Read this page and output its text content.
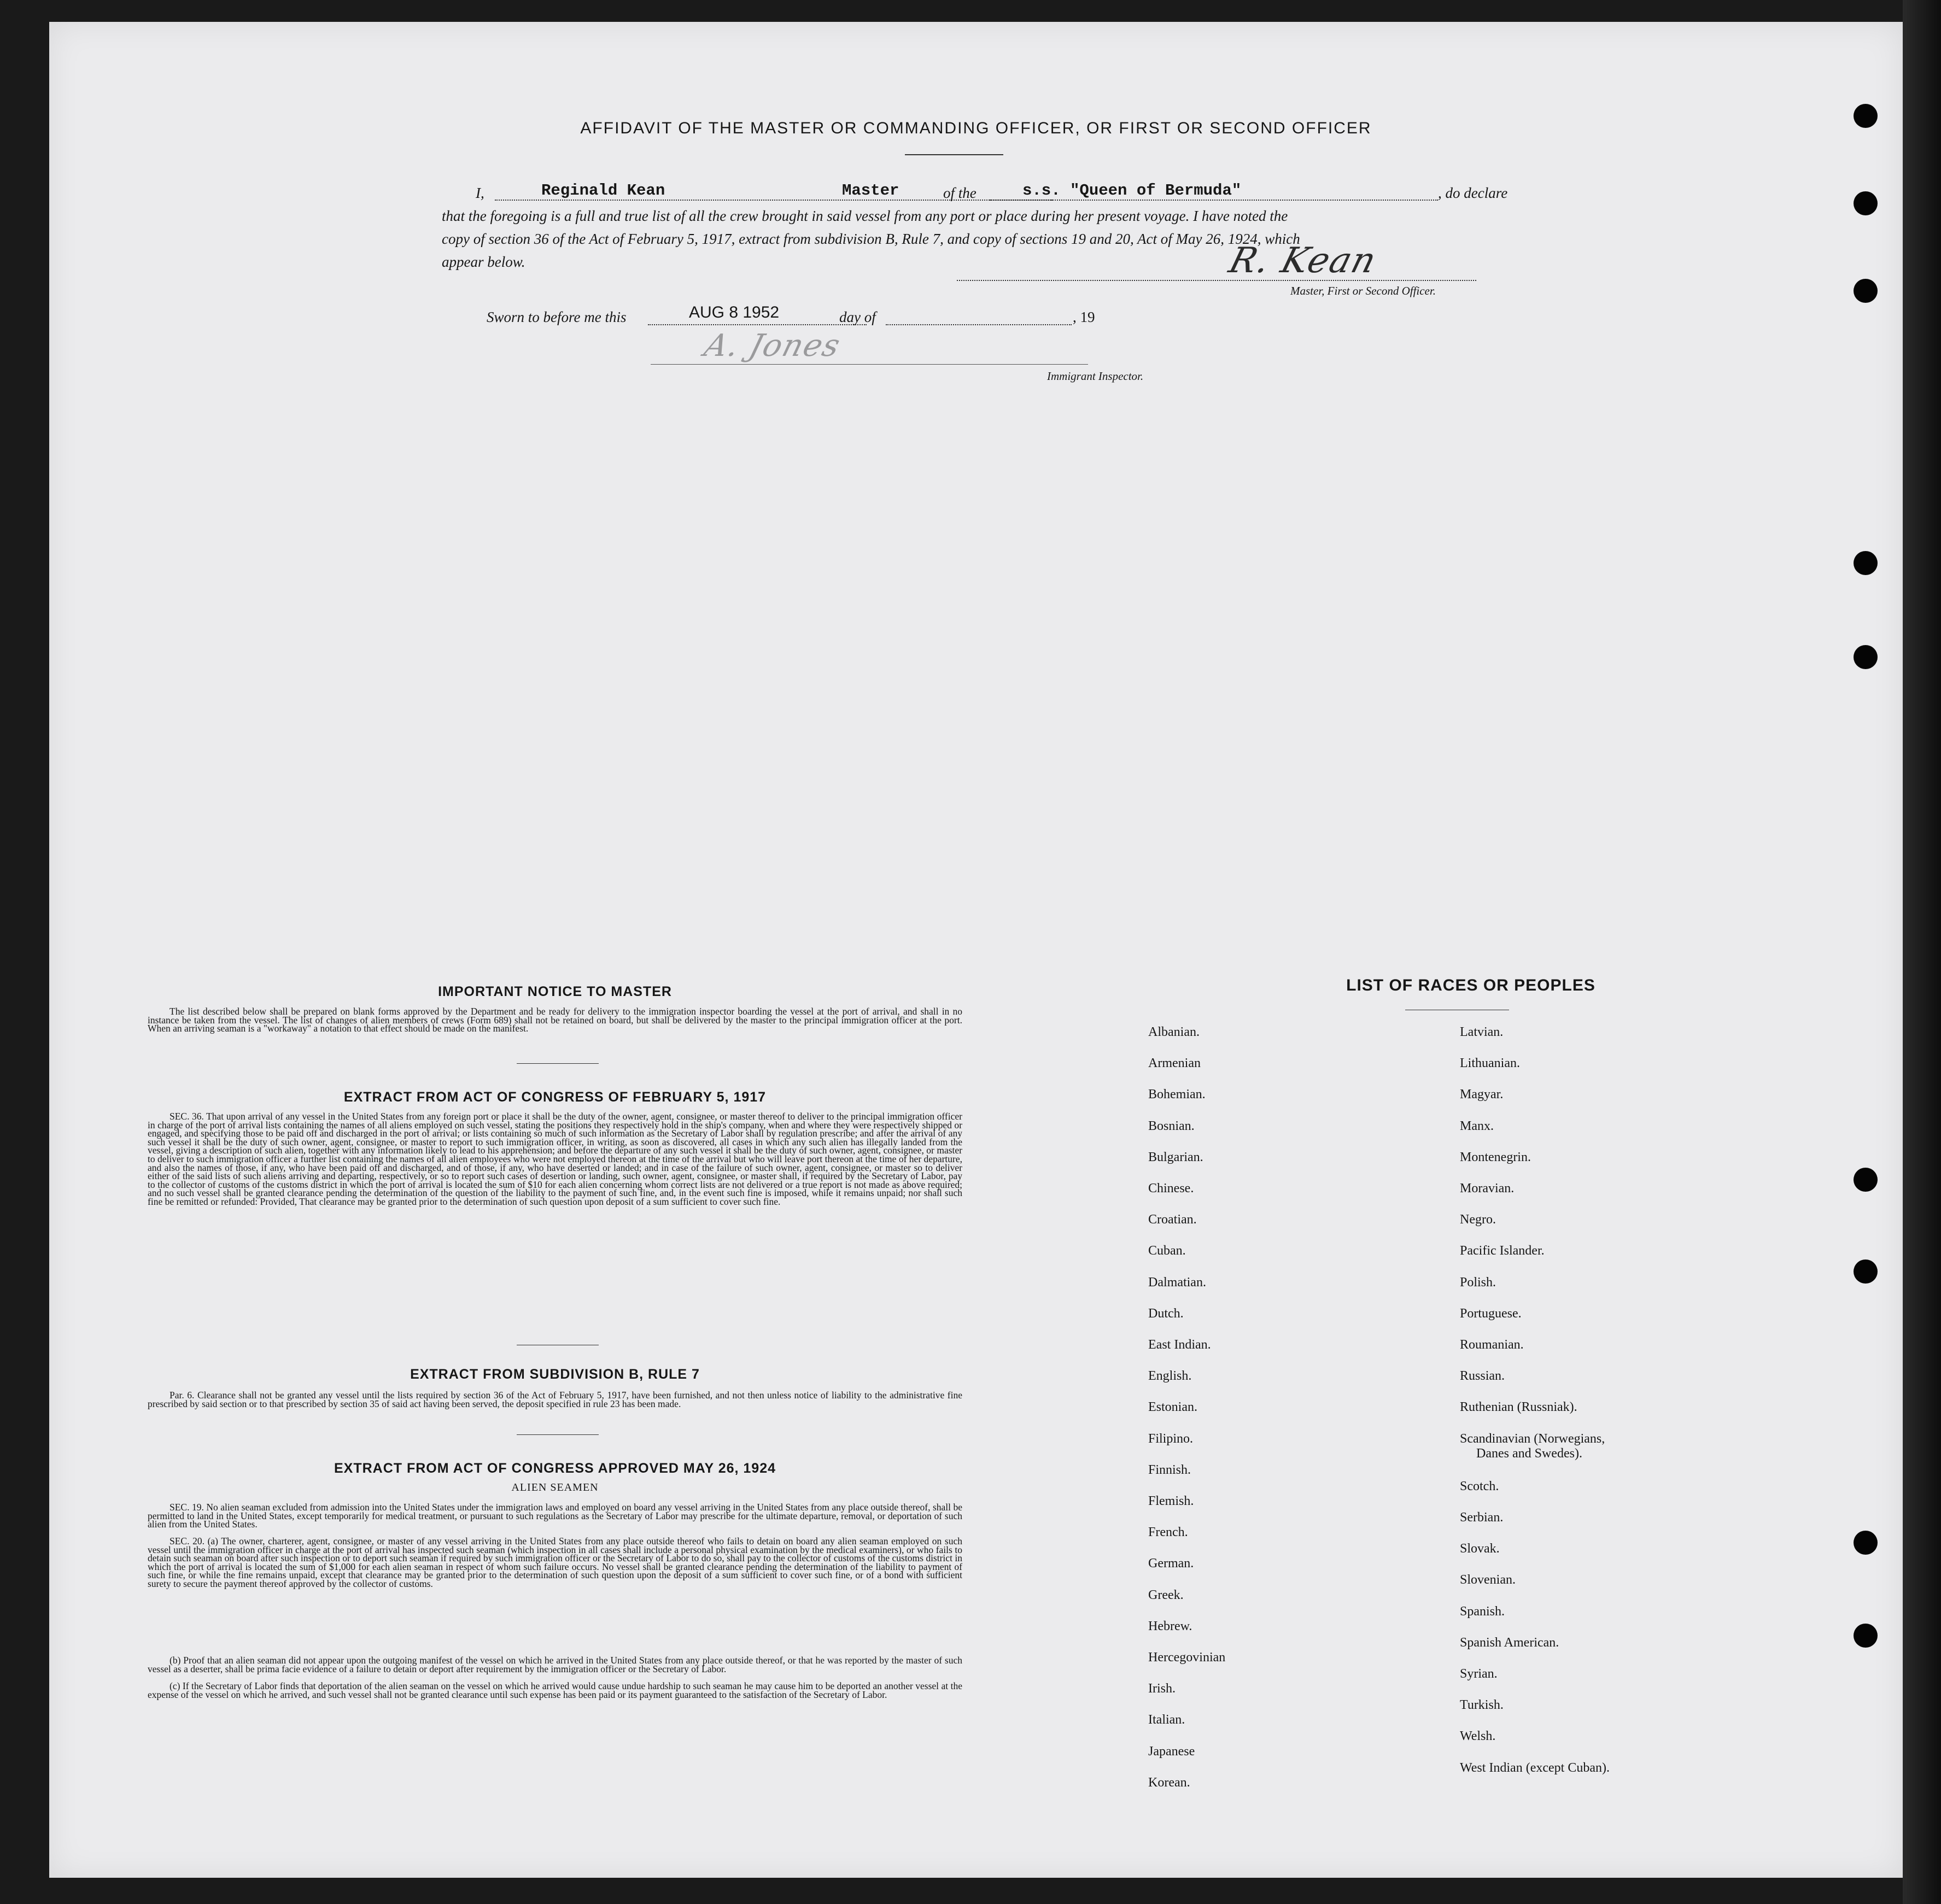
AFFIDAVIT OF THE MASTER OR COMMANDING OFFICER, OR FIRST OR SECOND OFFICER
I,	Reginald Kean	Master	of the	s.s. "Queen of Bermuda"	, do declare
that the foregoing is a full and true list of all the crew brought in said vessel from any port or place during her present voyage. I have noted the
copy of section 36 of the Act of February 5, 1917, extract from subdivision B, Rule 7, and copy of sections 19 and 20, Act of May 26, 1924, which
appear below.	R. Kean
Master, First or Second Officer.
Sworn to before me this	AUG 8 1952	day of	, 19
A. Jones
Immigrant Inspector.
IMPORTANT NOTICE TO MASTER
The list described below shall be prepared on blank forms approved by the Department and be ready for delivery to the immigration inspector boarding the vessel at the port of arrival, and shall in no instance be taken from the vessel. The list of changes of alien members of crews (Form 689) shall not be retained on board, but shall be delivered by the master to the principal immigration officer at the port. When an arriving seaman is a "workaway" a notation to that effect should be made on the manifest.
EXTRACT FROM ACT OF CONGRESS OF FEBRUARY 5, 1917
SEC. 36. That upon arrival of any vessel in the United States from any foreign port or place it shall be the duty of the owner, agent, consignee, or master thereof to deliver to the principal immigration officer in charge of the port of arrival lists containing the names of all aliens employed on such vessel, stating the positions they respectively hold in the ship's company, when and where they were respectively shipped or engaged, and specifying those to be paid off and discharged in the port of arrival; or lists containing so much of such information as the Secretary of Labor shall by regulation prescribe; and after the arrival of any such vessel it shall be the duty of such owner, agent, consignee, or master to report to such immigration officer, in writing, as soon as discovered, all cases in which any such alien has illegally landed from the vessel, giving a description of such alien, together with any information likely to lead to his apprehension; and before the departure of any such vessel it shall be the duty of such owner, agent, consignee, or master to deliver to such immigration officer a further list containing the names of all alien employees who were not employed thereon at the time of the arrival but who will leave port thereon at the time of her departure, and also the names of those, if any, who have been paid off and discharged, and of those, if any, who have deserted or landed; and in case of the failure of such owner, agent, consignee, or master so to deliver either of the said lists of such aliens arriving and departing, respectively, or so to report such cases of desertion or landing, such owner, agent, consignee, or master shall, if required by the Secretary of Labor, pay to the collector of customs of the customs district in which the port of arrival is located the sum of $10 for each alien concerning whom correct lists are not delivered or a true report is not made as above required; and no such vessel shall be granted clearance pending the determination of the question of the liability to the payment of such fine, and, in the event such fine is imposed, while it remains unpaid; nor shall such fine be remitted or refunded: Provided, That clearance may be granted prior to the determination of such question upon deposit of a sum sufficient to cover such fine.
EXTRACT FROM SUBDIVISION B, RULE 7
Par. 6. Clearance shall not be granted any vessel until the lists required by section 36 of the Act of February 5, 1917, have been furnished, and not then unless notice of liability to the administrative fine prescribed by said section or to that prescribed by section 35 of said act having been served, the deposit specified in rule 23 has been made.
EXTRACT FROM ACT OF CONGRESS APPROVED MAY 26, 1924
ALIEN SEAMEN
SEC. 19. No alien seaman excluded from admission into the United States under the immigration laws and employed on board any vessel arriving in the United States from any place outside thereof, shall be permitted to land in the United States, except temporarily for medical treatment, or pursuant to such regulations as the Secretary of Labor may prescribe for the ultimate departure, removal, or deportation of such alien from the United States.
SEC. 20. (a) The owner, charterer, agent, consignee, or master of any vessel arriving in the United States from any place outside thereof who fails to detain on board any alien seaman employed on such vessel until the immigration officer in charge at the port of arrival has inspected such seaman (which inspection in all cases shall include a personal physical examination by the medical examiners), or who fails to detain such seaman on board after such inspection or to deport such seaman if required by such immigration officer or the Secretary of Labor to do so, shall pay to the collector of customs of the customs district in which the port of arrival is located the sum of $1,000 for each alien seaman in respect of whom such failure occurs. No vessel shall be granted clearance pending the determination of the liability to payment of such fine, or while the fine remains unpaid, except that clearance may be granted prior to the determination of such question upon the deposit of a sum sufficient to cover such fine, or of a bond with sufficient surety to secure the payment thereof approved by the collector of customs.
(b) Proof that an alien seaman did not appear upon the outgoing manifest of the vessel on which he arrived in the United States from any place outside thereof, or that he was reported by the master of such vessel as a deserter, shall be prima facie evidence of a failure to detain or deport after requirement by the immigration officer or the Secretary of Labor.
(c) If the Secretary of Labor finds that deportation of the alien seaman on the vessel on which he arrived would cause undue hardship to such seaman he may cause him to be deported an another vessel at the expense of the vessel on which he arrived, and such vessel shall not be granted clearance until such expense has been paid or its payment guaranteed to the satisfaction of the Secretary of Labor.
LIST OF RACES OR PEOPLES
Albanian.
Armenian
Bohemian.
Bosnian.
Bulgarian.
Chinese.
Croatian.
Cuban.
Dalmatian.
Dutch.
East Indian.
English.
Estonian.
Filipino.
Finnish.
Flemish.
French.
German.
Greek.
Hebrew.
Hercegovinian
Irish.
Italian.
Japanese
Korean.
Latvian.
Lithuanian.
Magyar.
Manx.
Montenegrin.
Moravian.
Negro.
Pacific Islander.
Polish.
Portuguese.
Roumanian.
Russian.
Ruthenian (Russniak).
Scandinavian (Norwegians,
Danes and Swedes).
Scotch.
Serbian.
Slovak.
Slovenian.
Spanish.
Spanish American.
Syrian.
Turkish.
Welsh.
West Indian (except Cuban).
